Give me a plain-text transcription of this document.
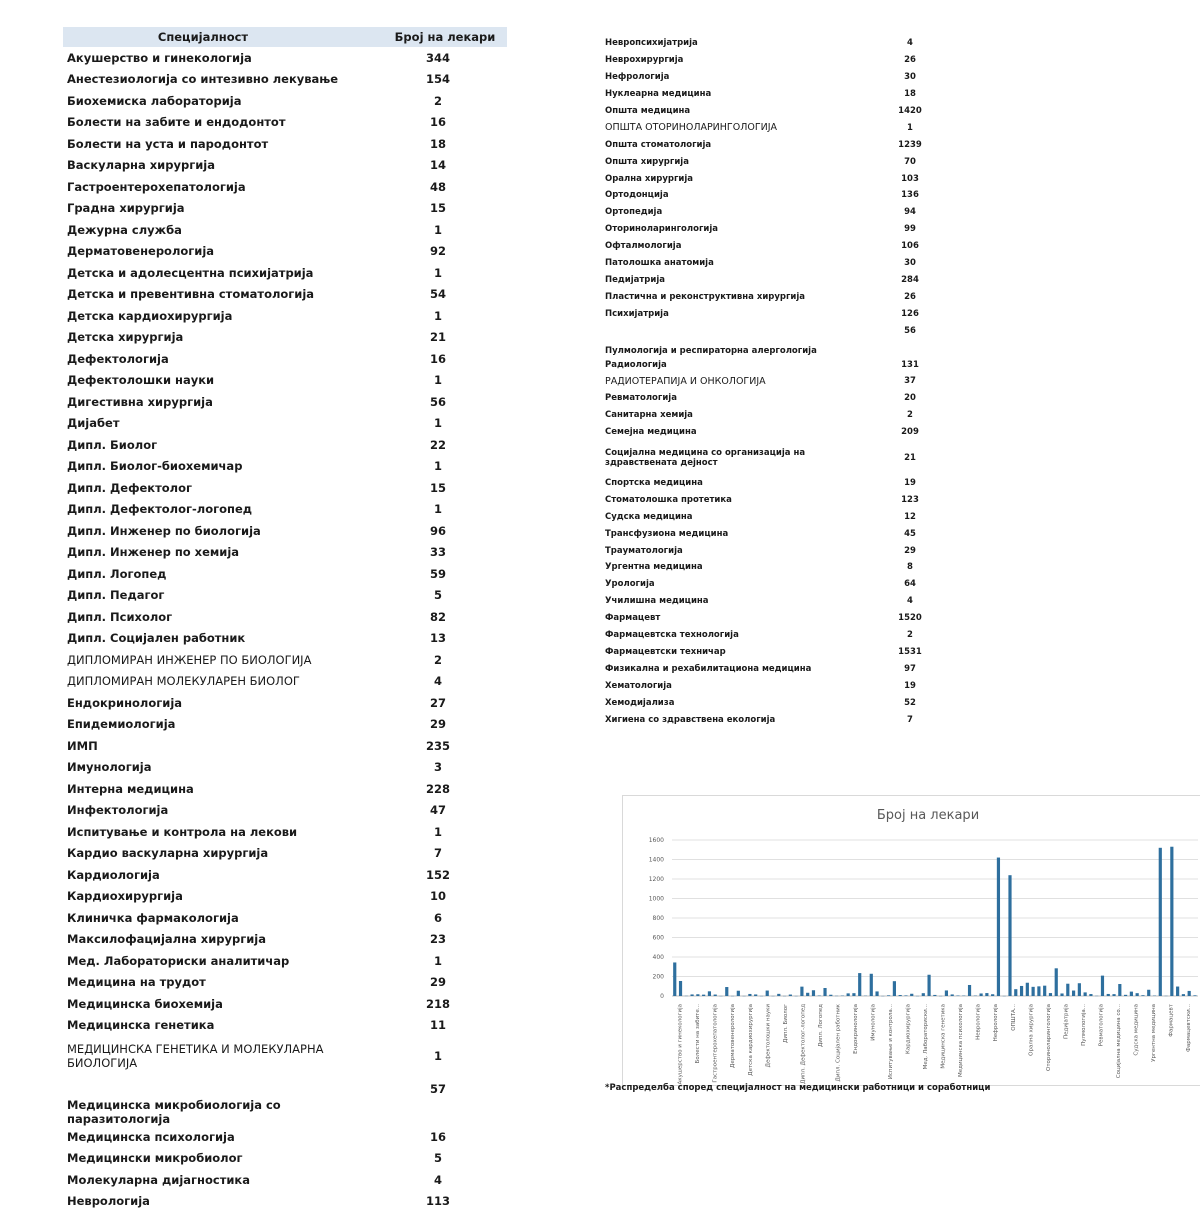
Специјалност	Број на лекари
Акушерство и гинекологија	344
Анестезиологија со интезивно лекување	154
Биохемиска лабораторија	2
Болести на забите и ендодонтот	16
Болести на уста и пародонтот	18
Васкуларна хирургија	14
Гастроентерохепатологија	48
Градна хирургија	15
Дежурна служба	1
Дерматовенерологија	92
Детска и адолесцентна психијатрија	1
Детска и превентивна стоматологија	54
Детска кардиохирургија	1
Детска хирургија	21
Дефектологија	16
Дефектолошки науки	1
Дигестивна хирургија	56
Дијабет	1
Дипл. Биолог	22
Дипл. Биолог-биохемичар	1
Дипл. Дефектолог	15
Дипл. Дефектолог-логопед	1
Дипл. Инженер по биологија	96
Дипл. Инженер по хемија	33
Дипл. Логопед	59
Дипл. Педагог	5
Дипл. Психолог	82
Дипл. Социјален работник	13
ДИПЛОМИРАН ИНЖЕНЕР ПО БИОЛОГИЈА	2
ДИПЛОМИРАН МОЛЕКУЛАРЕН БИОЛОГ	4
Ендокринологија	27
Епидемиологија	29
ИМП	235
Имунологија	3
Интерна медицина	228
Инфектологија	47
Испитување и контрола на лекови	1
Кардио васкуларна хирургија	7
Кардиологија	152
Кардиохирургија	10
Клиничка фармакологија	6
Максилофацијална хирургија	23
Мед. Лабораториски аналитичар	1
Медицина на трудот	29
Медицинска биохемија	218
Медицинска генетика	11
МЕДИЦИНСКА ГЕНЕТИКА И МОЛЕКУЛАРНА БИОЛОГИЈА	1
Медицинска микробиологија со паразитологија	57
Медицинска психологија	16
Медицински микробиолог	5
Молекуларна дијагностика	4
Неврологија	113
Невропсихијатрија	4
Неврохирургија	26
Нефрологија	30
Нуклеарна медицина	18
Општа медицина	1420
ОПШТА ОТОРИНОЛАРИНГОЛОГИЈА	1
Општа стоматологија	1239
Општа хирургија	70
Орална хирургија	103
Ортодонција	136
Ортопедија	94
Оториноларингологија	99
Офталмологија	106
Патолошка анатомија	30
Педијатрија	284
Пластична и реконструктивна хирургија	26
Психијатрија	126
Пулмологија и респираторна алергологија	56
Радиологија	131
РАДИОТЕРАПИЈА И ОНКОЛОГИЈА	37
Ревматологија	20
Санитарна хемија	2
Семејна медицина	209
Социјална медицина со организација на здравствената дејност	21
Спортска медицина	19
Стоматолошка протетика	123
Судска медицина	12
Трансфузиона медицина	45
Трауматологија	29
Ургентна медицина	8
Урологија	64
Училишна медицина	4
Фармацевт	1520
Фармацевтска технологија	2
Фармацевтски техничар	1531
Физикална и рехабилитациона медицина	97
Хематологија	19
Хемодијализа	52
Хигиена со здравствена екологија	7
Број на лекари
1600
1400
1200
1000
800
600
400
200
0
Акушерство и гинекологија Болести на забите... Гастроентерохепатологија Дерматовенерологија Детска кардиохирургија Дефектолошки науки Дипл. Биолог Дипл. Дефектолог-логопед Дипл. Логопед Дипл. Социјален работник Ендокринологија Имунологија Испитување и контрола... Кардиохирургија Мед. Лабораториски... Медицинска генетика Медицинска психологија Неврологија Нефрологија ОПШТА... Орална хирургија Оториноларингологија Педијатрија Пулмологија... Ревматологија Социјална медицина со... Судска медицина Ургентна медицина Фармацевт Фармацевтски...
*Распределба според специјалност на медицински работници и соработници
